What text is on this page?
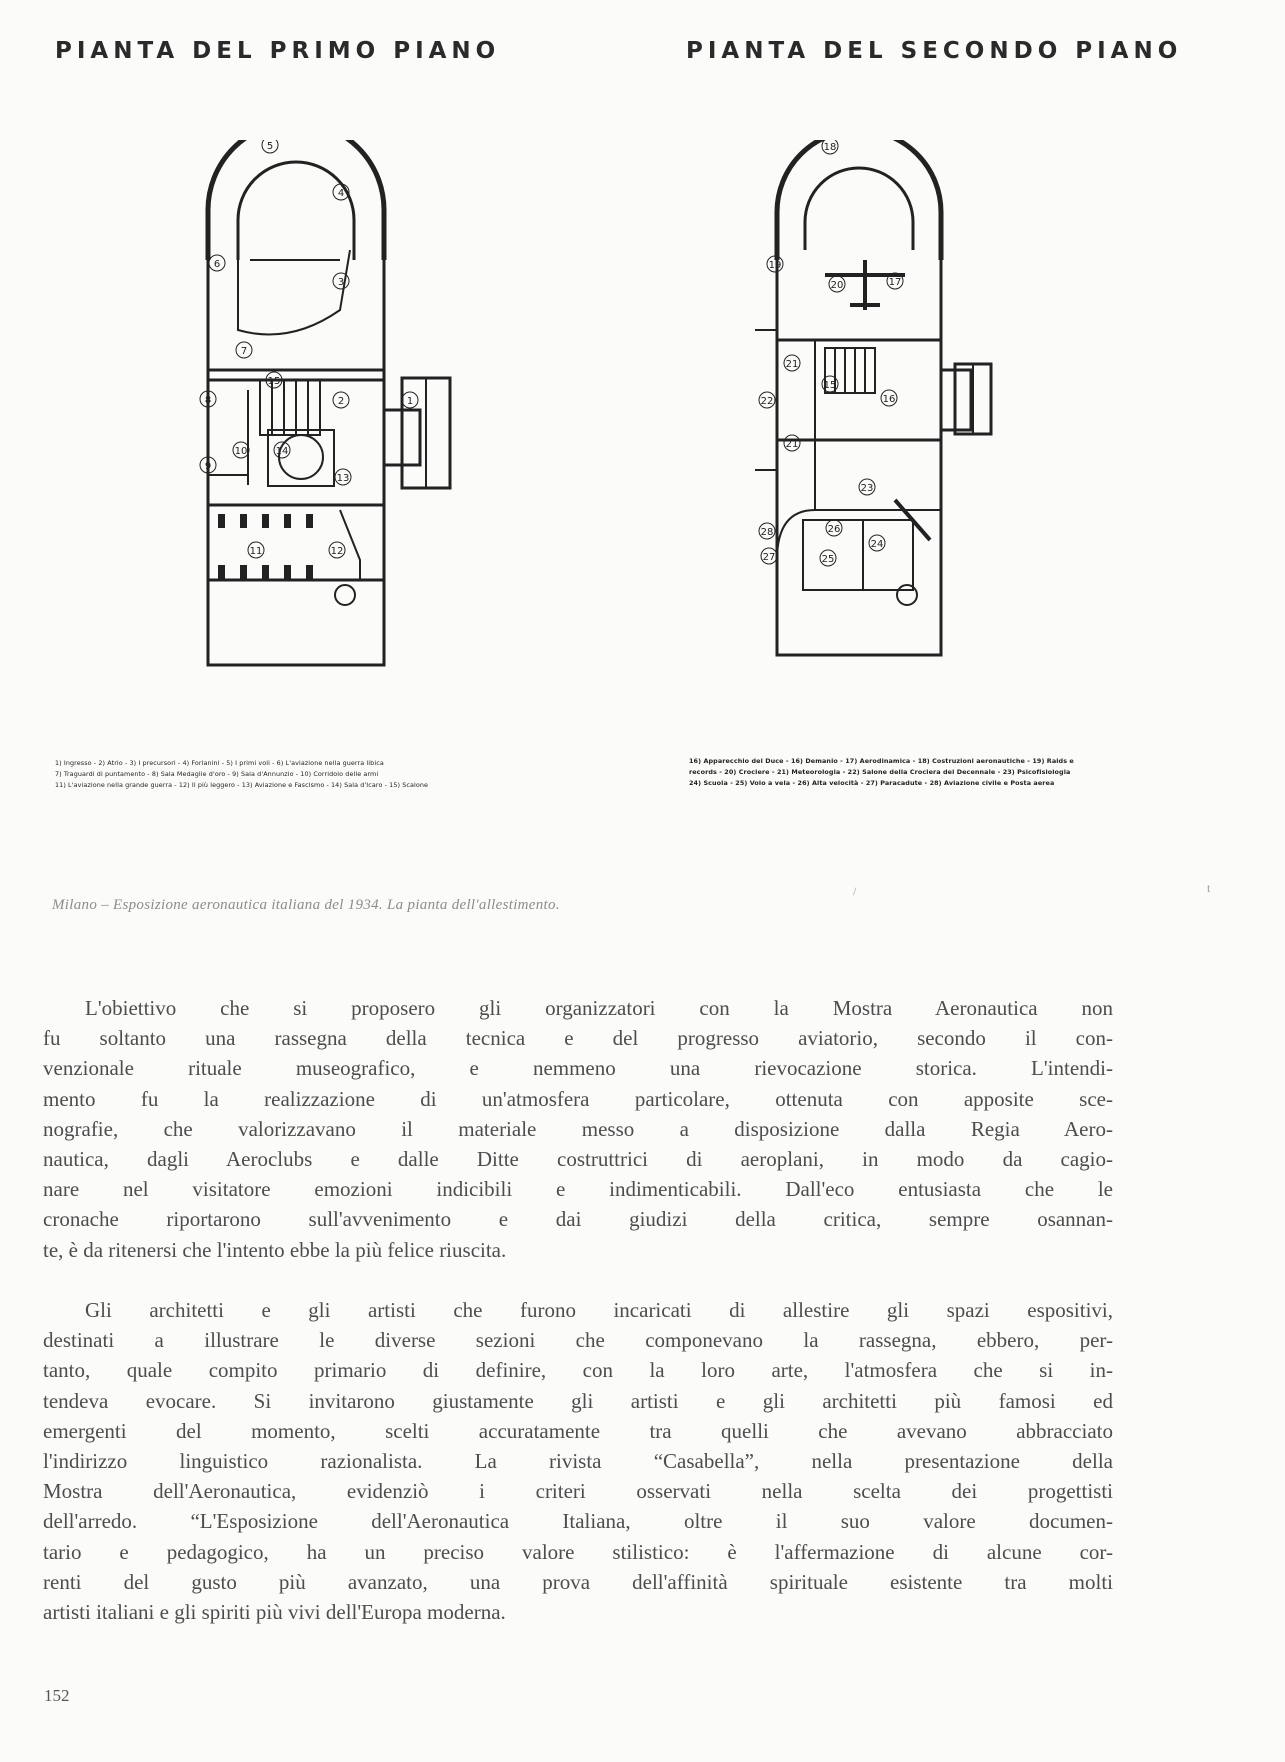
PIANTA DEL PRIMO PIANO	PIANTA DEL SECONDO PIANO
1
2
3
4
5
6
7
8
9
10
11	12
13
14
15	15
16
17
18
19
20
21
21
22
23
24
25
26
27
28
1) Ingresso - 2) Atrio - 3) I precursori - 4) Forlanini - 5) I primi voli - 6) L'aviazione nella guerra libica
7) Traguardi di puntamento - 8) Sala Medaglie d'oro - 9) Sala d'Annunzio - 10) Corridoio delle armi
11) L'aviazione nella grande guerra - 12) Il più leggero - 13) Aviazione e Fascismo - 14) Sala d'Icaro - 15) Scalone
16) Apparecchio del Duce - 16) Demanio - 17) Aerodinamica - 18) Costruzioni aeronautiche - 19) Raids e
records - 20) Crociere - 21) Meteorologia - 22) Salone della Crociera del Decennale - 23) Psicofisiologia
24) Scuola - 25) Volo a vela - 26) Alta velocità - 27) Paracadute - 28) Aviazione civile e Posta aerea
Milano – Esposizione aeronautica italiana del 1934. La pianta dell'allestimento.
/	t
L'obiettivo che si proposero gli organizzatori con la Mostra Aeronautica non
fu soltanto una rassegna della tecnica e del progresso aviatorio, secondo il con-
venzionale rituale museografico, e nemmeno una rievocazione storica. L'intendi-
mento fu la realizzazione di un'atmosfera particolare, ottenuta con apposite sce-
nografie, che valorizzavano il materiale messo a disposizione dalla Regia Aero-
nautica, dagli Aeroclubs e dalle Ditte costruttrici di aeroplani, in modo da cagio-
nare nel visitatore emozioni indicibili e indimenticabili. Dall'eco entusiasta che le
cronache riportarono sull'avvenimento e dai giudizi della critica, sempre osannan-
te, è da ritenersi che l'intento ebbe la più felice riuscita.
Gli architetti e gli artisti che furono incaricati di allestire gli spazi espositivi,
destinati a illustrare le diverse sezioni che componevano la rassegna, ebbero, per-
tanto, quale compito primario di definire, con la loro arte, l'atmosfera che si in-
tendeva evocare. Si invitarono giustamente gli artisti e gli architetti più famosi ed
emergenti del momento, scelti accuratamente tra quelli che avevano abbracciato
l'indirizzo linguistico razionalista. La rivista “Casabella”, nella presentazione della
Mostra dell'Aeronautica, evidenziò i criteri osservati nella scelta dei progettisti
dell'arredo. “L'Esposizione dell'Aeronautica Italiana, oltre il suo valore documen-
tario e pedagogico, ha un preciso valore stilistico: è l'affermazione di alcune cor-
renti del gusto più avanzato, una prova dell'affinità spirituale esistente tra molti
artisti italiani e gli spiriti più vivi dell'Europa moderna.
152
